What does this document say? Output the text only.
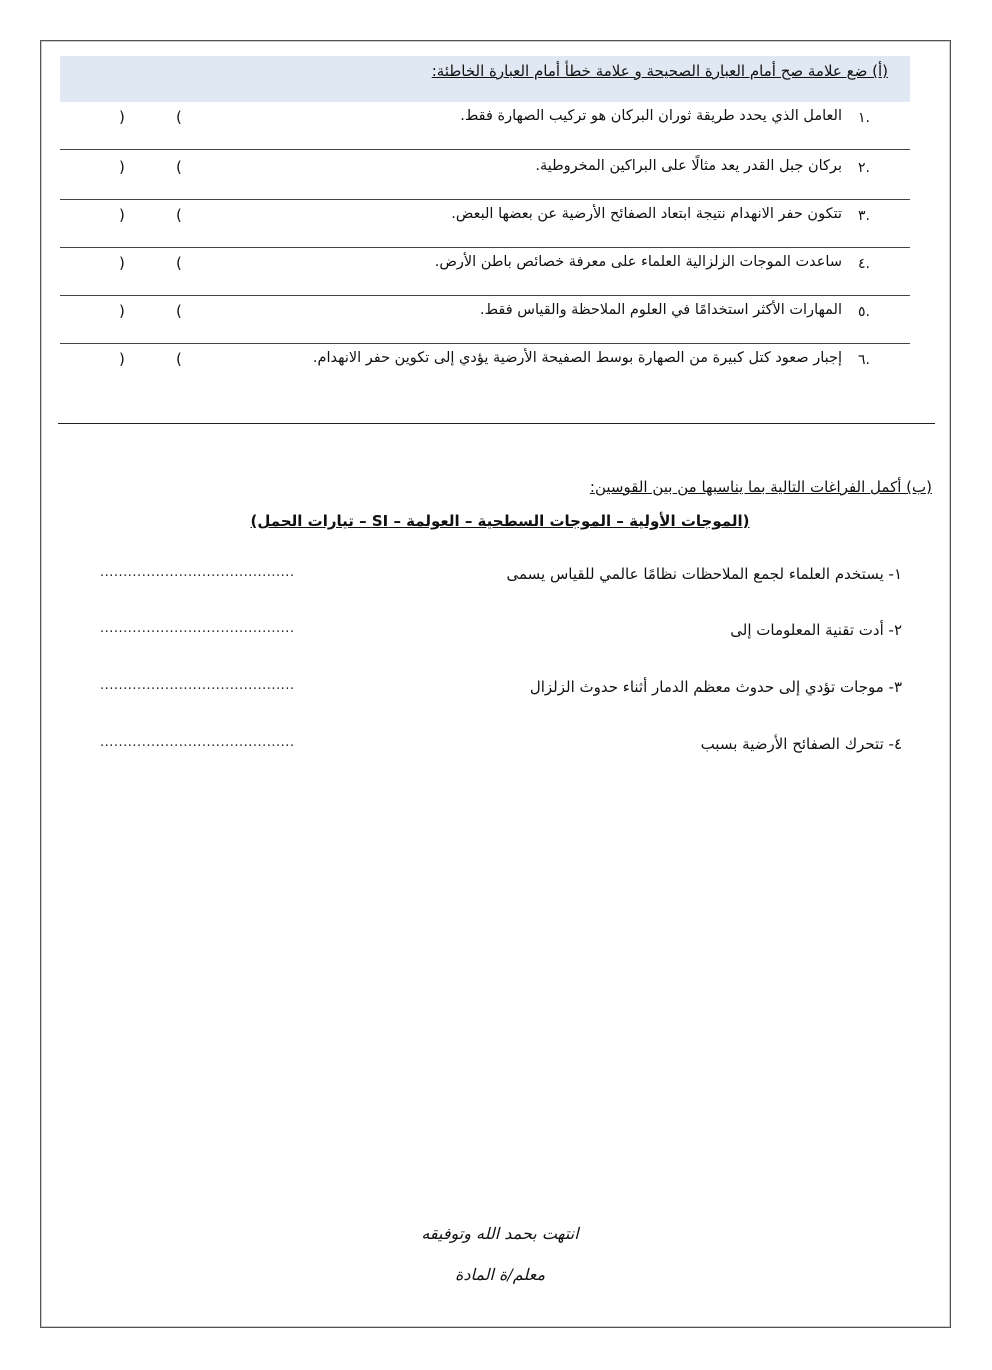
(أ) ضع علامة صح أمام العبارة الصحيحة و علامة خطأ أمام العبارة الخاطئة:
.١
العامل الذي يحدد طريقة ثوران البركان هو تركيب الصهارة فقط.
(
)
.٢
بركان جبل القدر يعد مثالًا على البراكين المخروطية.
(
)
.٣
تتكون حفر الانهدام نتيجة ابتعاد الصفائح الأرضية عن بعضها البعض.
(
)
.٤
ساعدت الموجات الزلزالية العلماء على معرفة خصائص باطن الأرض.
(
)
.٥
المهارات الأكثر استخدامًا في العلوم الملاحظة والقياس فقط.
(
)
.٦
إجبار صعود كتل كبيرة من الصهارة بوسط الصفيحة الأرضية يؤدي إلى تكوين حفر الانهدام.
(
)
(ب) أكمل الفراغات التالية بما يناسبها من بين القوسين:
(الموجات الأولية – الموجات السطحية – العولمة – SI – تيارات الحمل)
١- يستخدم العلماء لجمع الملاحظات نظامًا عالمي للقياس يسمى
..........................................
٢- أدت تقنية المعلومات إلى
..........................................
٣- موجات تؤدي إلى حدوث معظم الدمار أثناء حدوث الزلزال
..........................................
٤- تتحرك الصفائح الأرضية بسبب
..........................................
انتهت بحمد الله وتوفيقه
معلم/ة المادة
